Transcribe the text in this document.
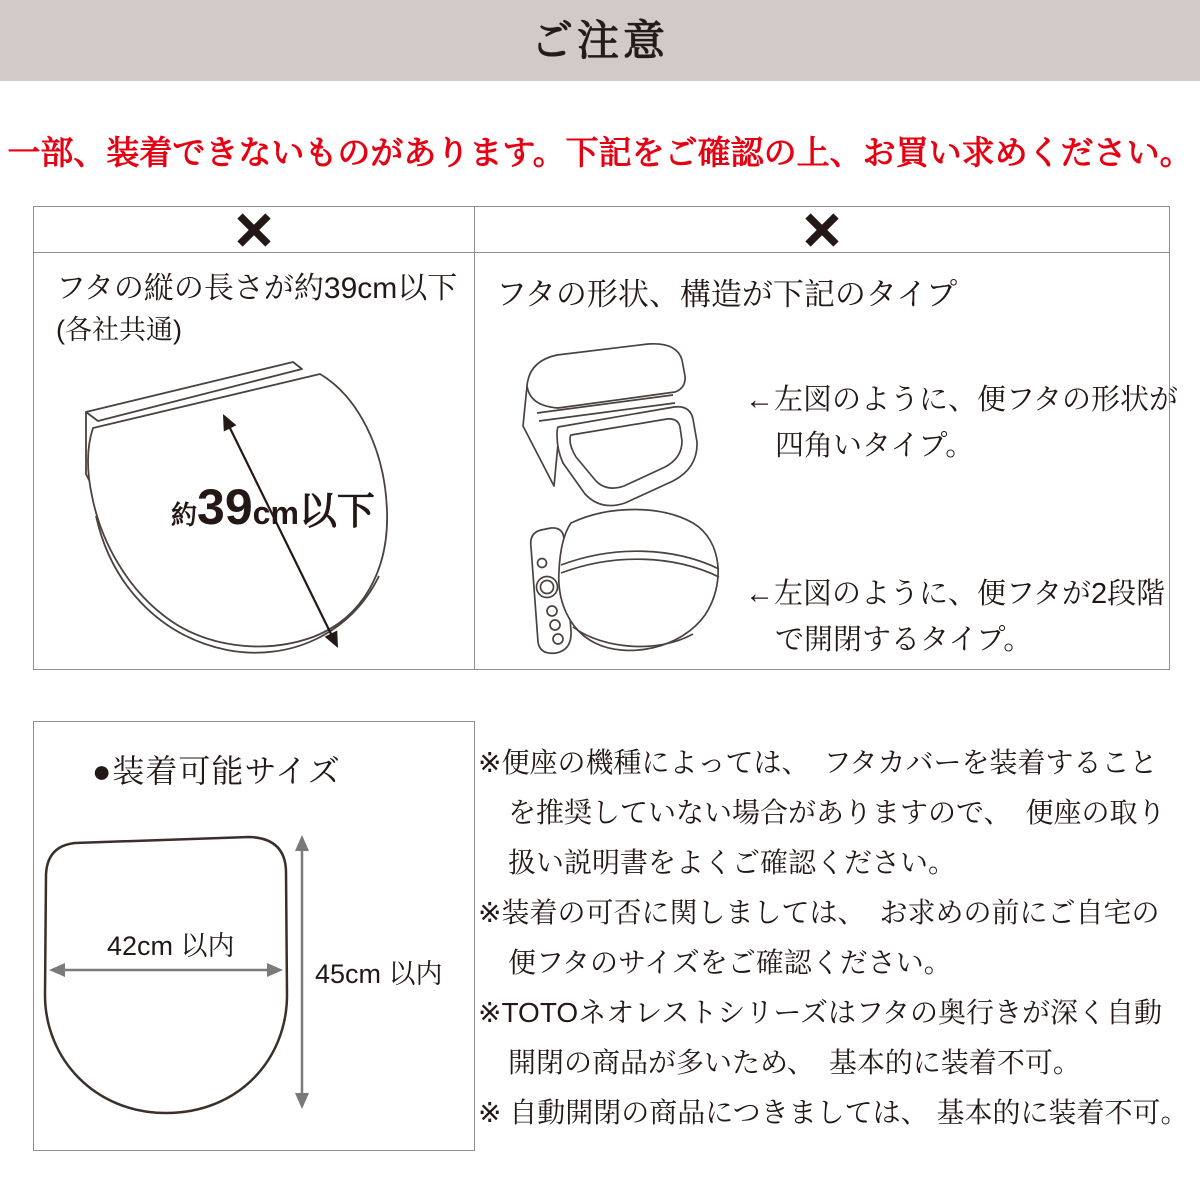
ご注意
一部、装着できないものがあります。下記をご確認の上、お買い求めください。
フタの縦の長さが約39cm以下
(各社共通)
約39cm以下
フタの形状、構造が下記のタイプ
←左図のように、便フタの形状が
四角いタイプ。
←左図のように、便フタが2段階
で開閉するタイプ。
●装着可能サイズ
42cm 以内
45cm 以内
※便座の機種によっては、　フタカバーを装着すること
を推奨していない場合がありますので、　便座の取り
扱い説明書をよくご確認ください。
※装着の可否に関しましては、　お求めの前にご自宅の
便フタのサイズをご確認ください。
※TOTOネオレストシリーズはフタの奥行きが深く自動
開閉の商品が多いため、　基本的に装着不可。
※ 自動開閉の商品につきましては、 基本的に装着不可。
